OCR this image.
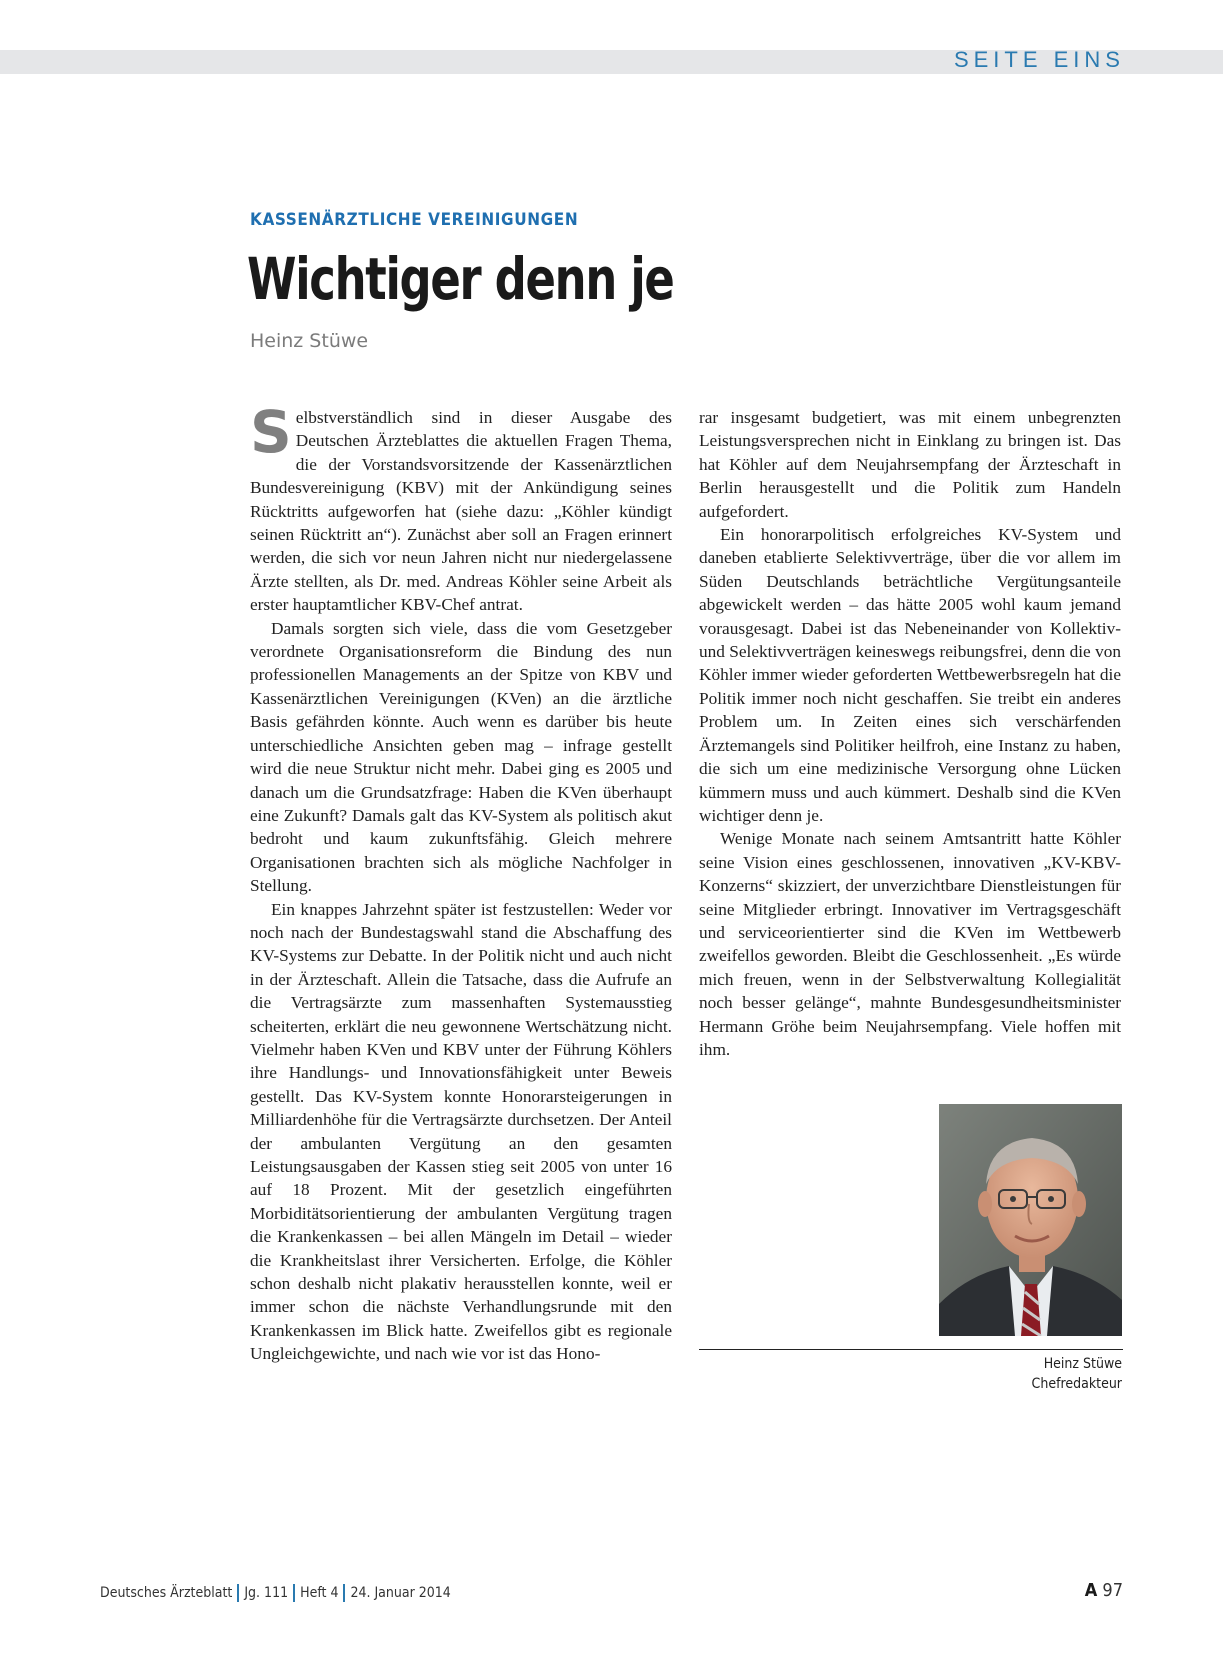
SEITE EINS
KASSENÄRZTLICHE VEREINIGUNGEN
Wichtiger denn je
Heinz Stüwe

Selbstverständlich sind in dieser Ausgabe des Deutschen Ärzteblattes die aktuellen Fragen Thema, die der Vorstandsvorsitzende der Kassenärztlichen Bundesvereinigung (KBV) mit der Ankündigung seines Rücktritts aufgeworfen hat (siehe dazu: „Köhler kündigt seinen Rücktritt an“). Zunächst aber soll an Fragen erinnert werden, die sich vor neun Jahren nicht nur niedergelassene Ärzte stellten, als Dr. med. Andreas Köhler seine Arbeit als erster hauptamtlicher KBV-Chef antrat.

Damals sorgten sich viele, dass die vom Gesetzgeber verordnete Organisationsreform die Bindung des nun professionellen Managements an der Spitze von KBV und Kassenärztlichen Vereinigungen (KVen) an die ärztliche Basis gefährden könnte. Auch wenn es darüber bis heute unterschiedliche Ansichten geben mag – infrage gestellt wird die neue Struktur nicht mehr. Dabei ging es 2005 und danach um die Grundsatzfrage: Haben die KVen überhaupt eine Zukunft? Damals galt das KV-System als politisch akut bedroht und kaum zukunftsfähig. Gleich mehrere Organisationen brachten sich als mögliche Nachfolger in Stellung.

Ein knappes Jahrzehnt später ist festzustellen: Weder vor noch nach der Bundestagswahl stand die Abschaffung des KV-Systems zur Debatte. In der Politik nicht und auch nicht in der Ärzteschaft. Allein die Tatsache, dass die Aufrufe an die Vertragsärzte zum massenhaften Systemausstieg scheiterten, erklärt die neu gewonnene Wertschätzung nicht. Vielmehr haben KVen und KBV unter der Führung Köhlers ihre Handlungs- und Innovationsfähigkeit unter Beweis gestellt. Das KV-System konnte Honorarsteigerungen in Milliardenhöhe für die Vertragsärzte durchsetzen. Der Anteil der ambulanten Vergütung an den gesamten Leistungsausgaben der Kassen stieg seit 2005 von unter 16 auf 18 Prozent. Mit der gesetzlich eingeführten Morbiditätsorientierung der ambulanten Vergütung tragen die Krankenkassen – bei allen Mängeln im Detail – wieder die Krankheitslast ihrer Versicherten. Erfolge, die Köhler schon deshalb nicht plakativ herausstellen konnte, weil er immer schon die nächste Verhandlungsrunde mit den Krankenkassen im Blick hatte. Zweifellos gibt es regionale Ungleichgewichte, und nach wie vor ist das Hono-

rar insgesamt budgetiert, was mit einem unbegrenzten Leistungsversprechen nicht in Einklang zu bringen ist. Das hat Köhler auf dem Neujahrsempfang der Ärzteschaft in Berlin herausgestellt und die Politik zum Handeln aufgefordert.

Ein honorarpolitisch erfolgreiches KV-System und daneben etablierte Selektivverträge, über die vor allem im Süden Deutschlands beträchtliche Vergütungsanteile abgewickelt werden – das hätte 2005 wohl kaum jemand vorausgesagt. Dabei ist das Nebeneinander von Kollektiv- und Selektivverträgen keineswegs reibungsfrei, denn die von Köhler immer wieder geforderten Wettbewerbsregeln hat die Politik immer noch nicht geschaffen. Sie treibt ein anderes Problem um. In Zeiten eines sich verschärfenden Ärztemangels sind Politiker heilfroh, eine Instanz zu haben, die sich um eine medizinische Versorgung ohne Lücken kümmern muss und auch kümmert. Deshalb sind die KVen wichtiger denn je.

Wenige Monate nach seinem Amtsantritt hatte Köhler seine Vision eines geschlossenen, innovativen „KV-KBV-Konzerns“ skizziert, der unverzichtbare Dienstleistungen für seine Mitglieder erbringt. Innovativer im Vertragsgeschäft und serviceorientierter sind die KVen im Wettbewerb zweifellos geworden. Bleibt die Geschlossenheit. „Es würde mich freuen, wenn in der Selbstverwaltung Kollegialität noch besser gelänge“, mahnte Bundesgesundheitsminister Hermann Gröhe beim Neujahrsempfang. Viele hoffen mit ihm.

Heinz Stüwe
Chefredakteur
Deutsches Ärzteblatt Jg. 111 Heft 4 24. Januar 2014	A 97
